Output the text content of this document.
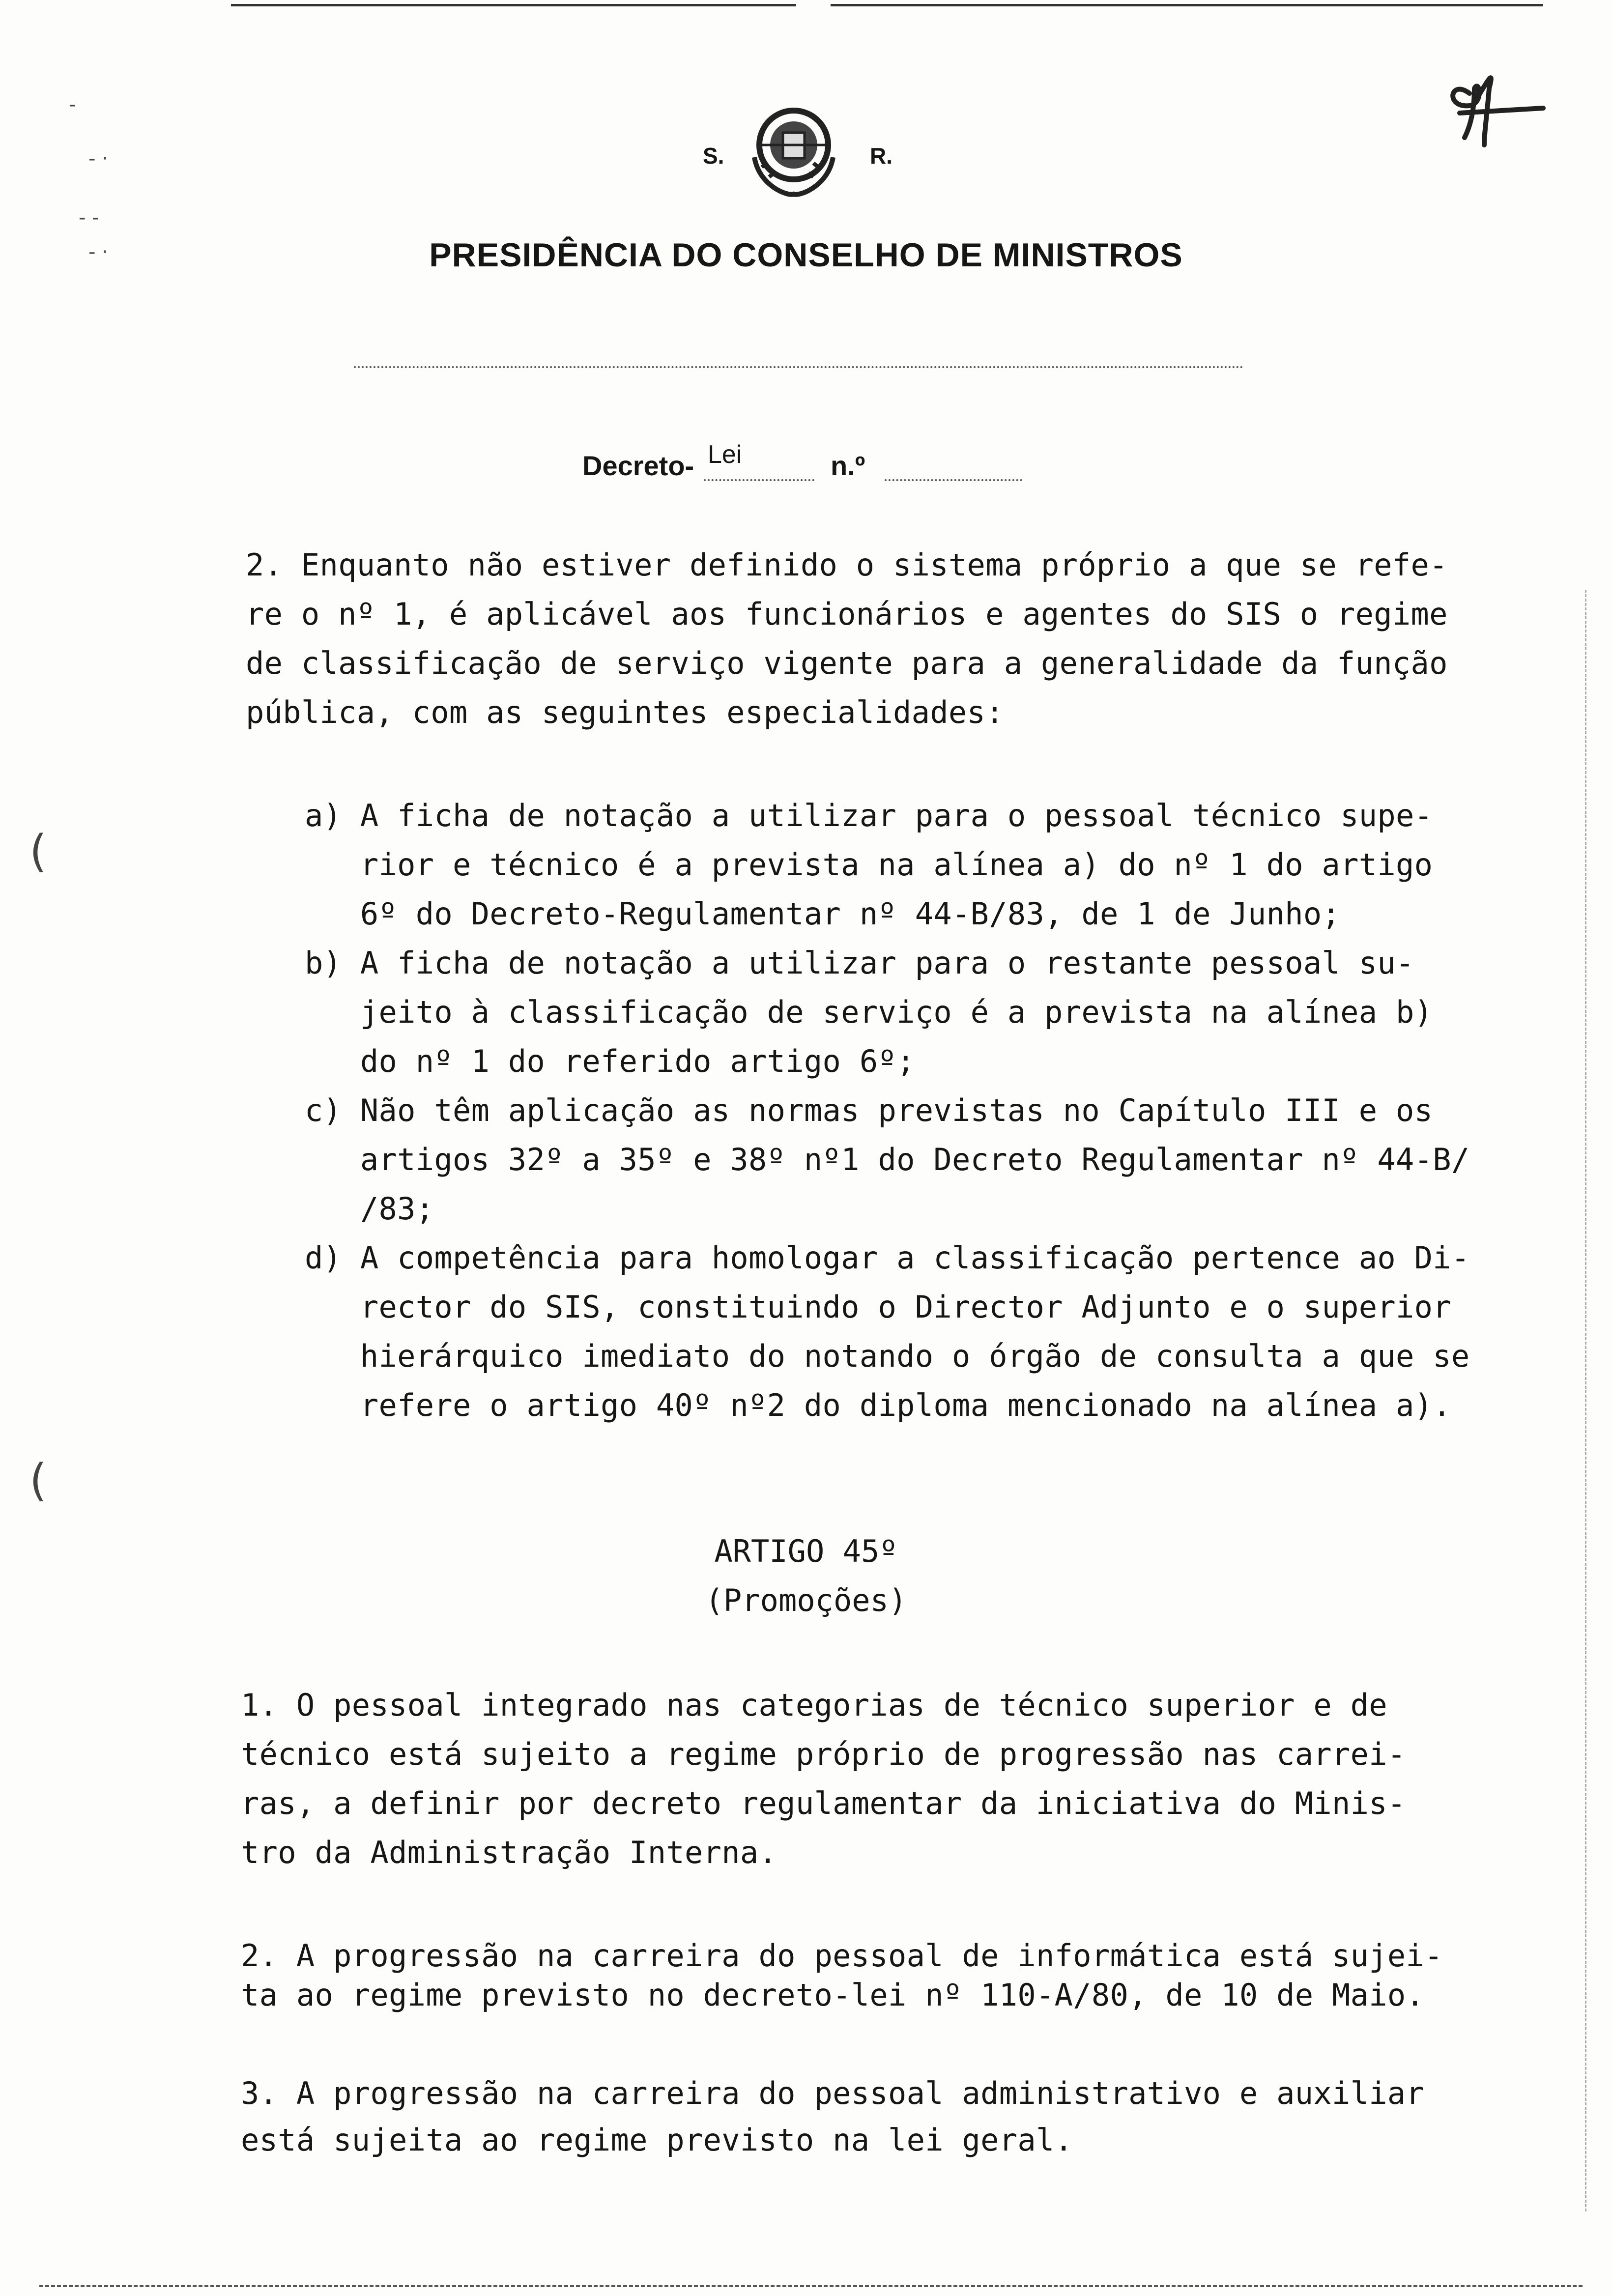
-
- ·
- -
- ·
(
(
S.	R.
PRESIDÊNCIA DO CONSELHO DE MINISTROS
Decreto- Lei	n.º
2. Enquanto não estiver definido o sistema próprio a que se refe-
re o nº 1, é aplicável aos funcionários e agentes do SIS o regime
de classificação de serviço vigente para a generalidade da função
pública, com as seguintes especialidades:
a) A ficha de notação a utilizar para o pessoal técnico supe-
rior e técnico é a prevista na alínea a) do nº 1 do artigo
6º do Decreto-Regulamentar nº 44-B/83, de 1 de Junho;
b) A ficha de notação a utilizar para o restante pessoal su-
jeito à classificação de serviço é a prevista na alínea b)
do nº 1 do referido artigo 6º;
c) Não têm aplicação as normas previstas no Capítulo III e os
artigos 32º a 35º e 38º nº1 do Decreto Regulamentar nº 44-B/
/83;
d) A competência para homologar a classificação pertence ao Di-
rector do SIS, constituindo o Director Adjunto e o superior
hierárquico imediato do notando o órgão de consulta a que se
refere o artigo 40º nº2 do diploma mencionado na alínea a).
ARTIGO 45º
(Promoções)
1. O pessoal integrado nas categorias de técnico superior e de
técnico está sujeito a regime próprio de progressão nas carrei-
ras, a definir por decreto regulamentar da iniciativa do Minis-
tro da Administração Interna.
2. A progressão na carreira do pessoal de informática está sujei-
ta ao regime previsto no decreto-lei nº 110-A/80, de 10 de Maio.
3. A progressão na carreira do pessoal administrativo e auxiliar
está sujeita ao regime previsto na lei geral.
